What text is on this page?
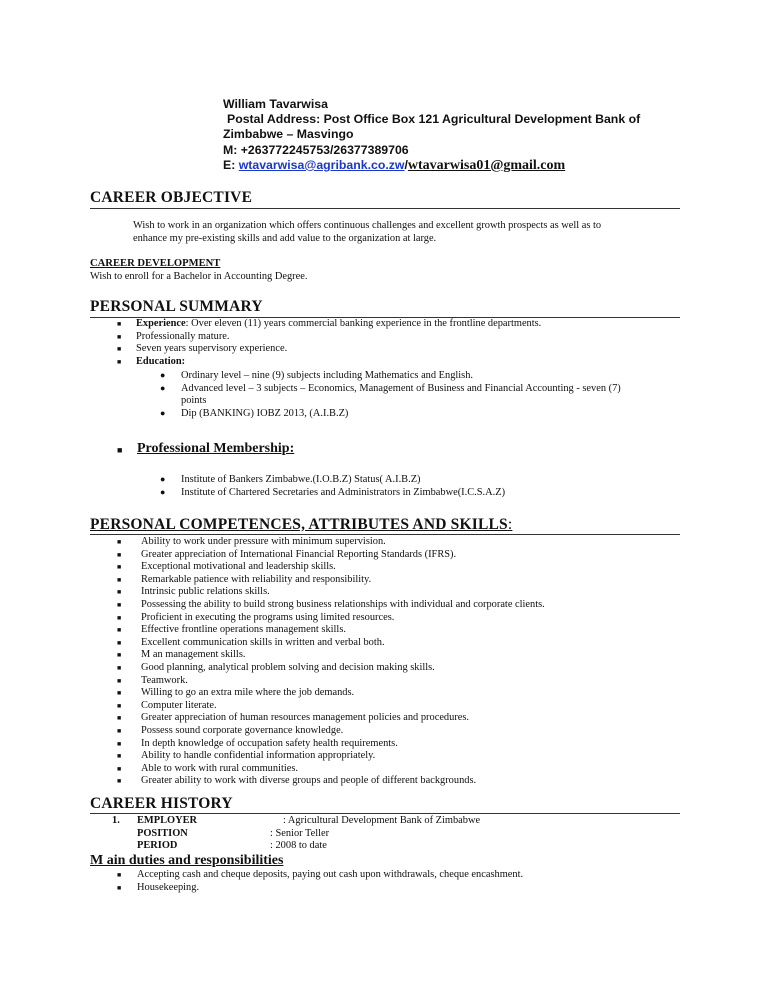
William Tavarwisa
Postal Address: Post Office Box 121 Agricultural Development Bank of
Zimbabwe – Masvingo
M: +263772245753/26377389706
E: wtavarwisa@agribank.co.zw/wtavarwisa01@gmail.com
CAREER OBJECTIVE
Wish to work in an organization which offers continuous challenges and excellent growth prospects as well as to
enhance my pre-existing skills and add value to the organization at large.
CAREER DEVELOPMENT
Wish to enroll for a Bachelor in Accounting Degree.
PERSONAL SUMMARY
■ Experience: Over eleven (11) years commercial banking experience in the frontline departments.
■ Professionally mature.
■ Seven years supervisory experience.
■ Education:
● Ordinary level – nine (9) subjects including Mathematics and English.
● Advanced level – 3 subjects – Economics, Management of Business and Financial Accounting - seven (7)
points
● Dip (BANKING) IOBZ 2013, (A.I.B.Z)
■ Professional Membership:
● Institute of Bankers Zimbabwe.(I.O.B.Z) Status( A.I.B.Z)
● Institute of Chartered Secretaries and Administrators in Zimbabwe(I.C.S.A.Z)
PERSONAL COMPETENCES, ATTRIBUTES AND SKILLS:
■ Ability to work under pressure with minimum supervision.
■ Greater appreciation of International Financial Reporting Standards (IFRS).
■ Exceptional motivational and leadership skills.
■ Remarkable patience with reliability and responsibility.
■ Intrinsic public relations skills.
■ Possessing the ability to build strong business relationships with individual and corporate clients.
■ Proficient in executing the programs using limited resources.
■ Effective frontline operations management skills.
■ Excellent communication skills in written and verbal both.
■ M an management skills.
■ Good planning, analytical problem solving and decision making skills.
■ Teamwork.
■ Willing to go an extra mile where the job demands.
■ Computer literate.
■ Greater appreciation of human resources management policies and procedures.
■ Possess sound corporate governance knowledge.
■ In depth knowledge of occupation safety health requirements.
■ Ability to handle confidential information appropriately.
■ Able to work with rural communities.
■ Greater ability to work with diverse groups and people of different backgrounds.
CAREER HISTORY
1. EMPLOYER	: Agricultural Development Bank of Zimbabwe
POSITION	: Senior Teller
PERIOD	: 2008 to date
M ain duties and responsibilities
■ Accepting cash and cheque deposits, paying out cash upon withdrawals, cheque encashment.
■ Housekeeping.
